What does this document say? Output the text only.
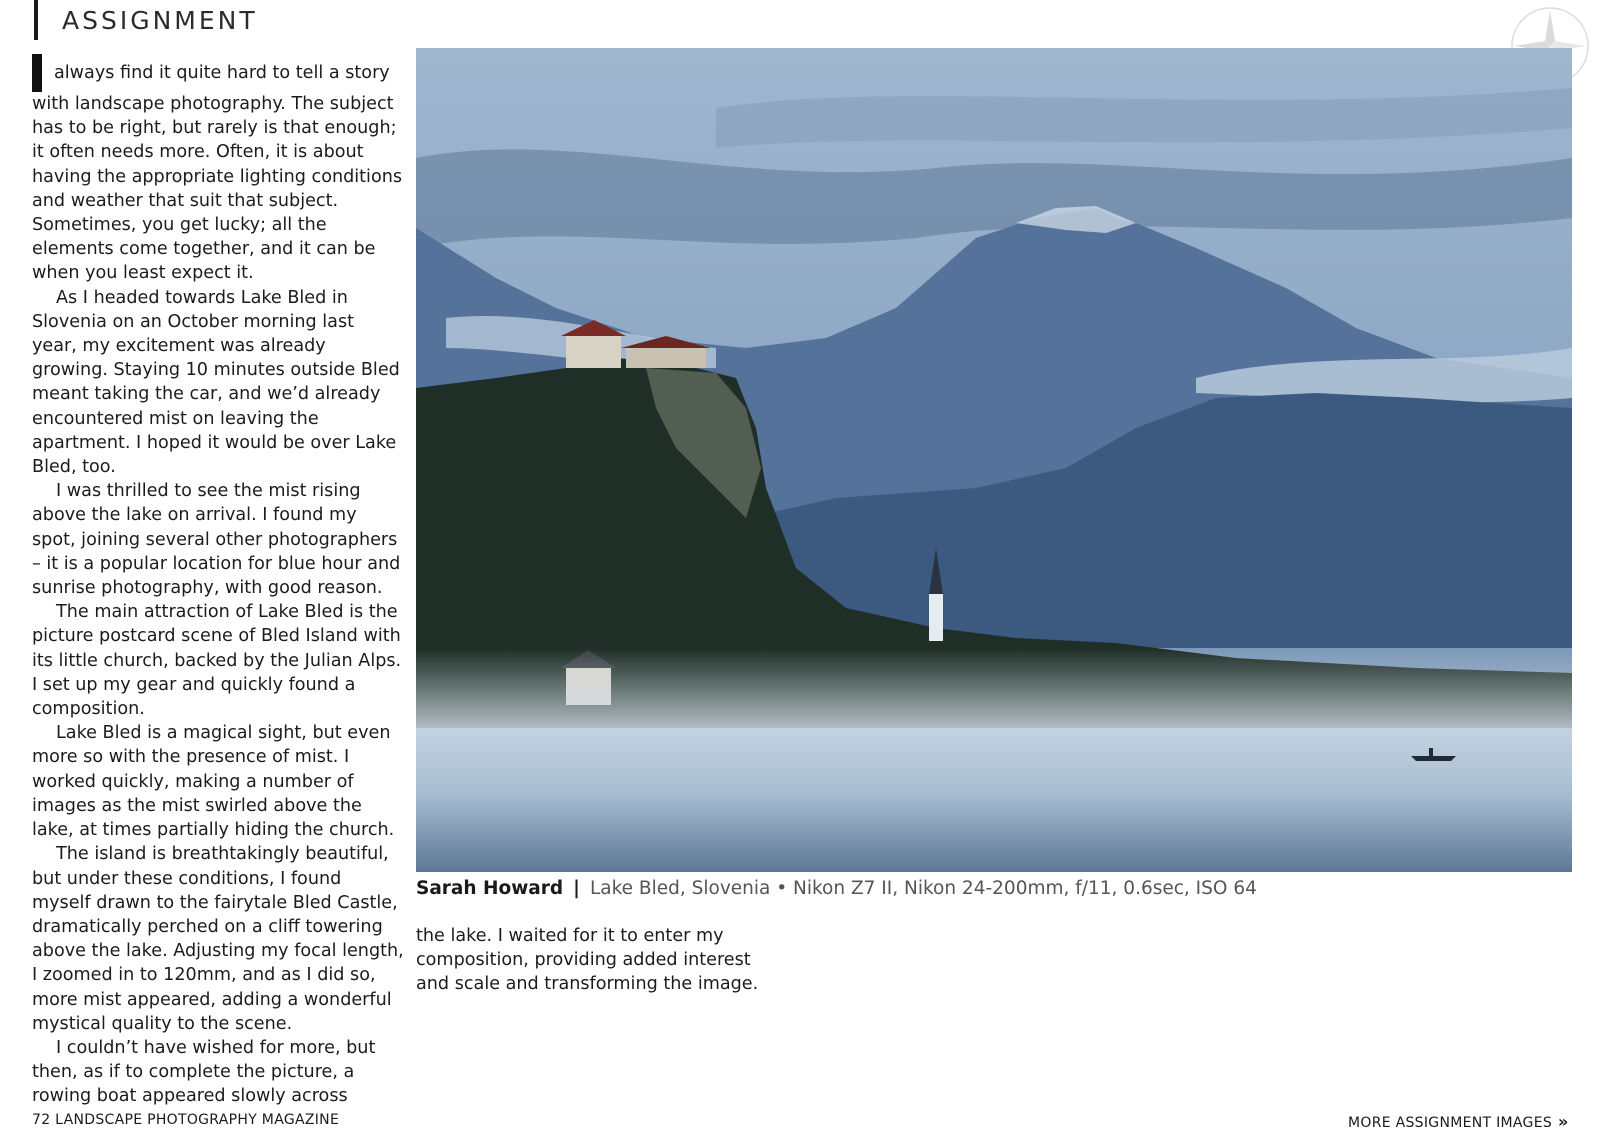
ASSIGNMENT

always find it quite hard to tell a story with landscape photography. The subject has to be right, but rarely is that enough; it often needs more. Often, it is about having the appropriate lighting conditions and weather that suit that subject. Sometimes, you get lucky; all the elements come together, and it can be when you least expect it.

As I headed towards Lake Bled in Slovenia on an October morning last year, my excitement was already growing. Staying 10 minutes outside Bled meant taking the car, and we’d already encountered mist on leaving the apartment. I hoped it would be over Lake Bled, too.

I was thrilled to see the mist rising above the lake on arrival. I found my spot, joining several other photographers – it is a popular location for blue hour and sunrise photography, with good reason.

The main attraction of Lake Bled is the picture postcard scene of Bled Island with its little church, backed by the Julian Alps. I set up my gear and quickly found a composition.

Lake Bled is a magical sight, but even more so with the presence of mist. I worked quickly, making a number of images as the mist swirled above the lake, at times partially hiding the church.

The island is breathtakingly beautiful, but under these conditions, I found myself drawn to the fairytale Bled Castle, dramatically perched on a cliff towering above the lake. Adjusting my focal length, I zoomed in to 120mm, and as I did so, more mist appeared, adding a wonderful mystical quality to the scene.

I couldn’t have wished for more, but then, as if to complete the picture, a rowing boat appeared slowly across

Sarah Howard | Lake Bled, Slovenia • Nikon Z7 II, Nikon 24-200mm, f/11, 0.6sec, ISO 64

the lake. I waited for it to enter my composition, providing added interest and scale and transforming the image.

72 LANDSCAPE PHOTOGRAPHY MAGAZINE	MORE ASSIGNMENT IMAGES »
